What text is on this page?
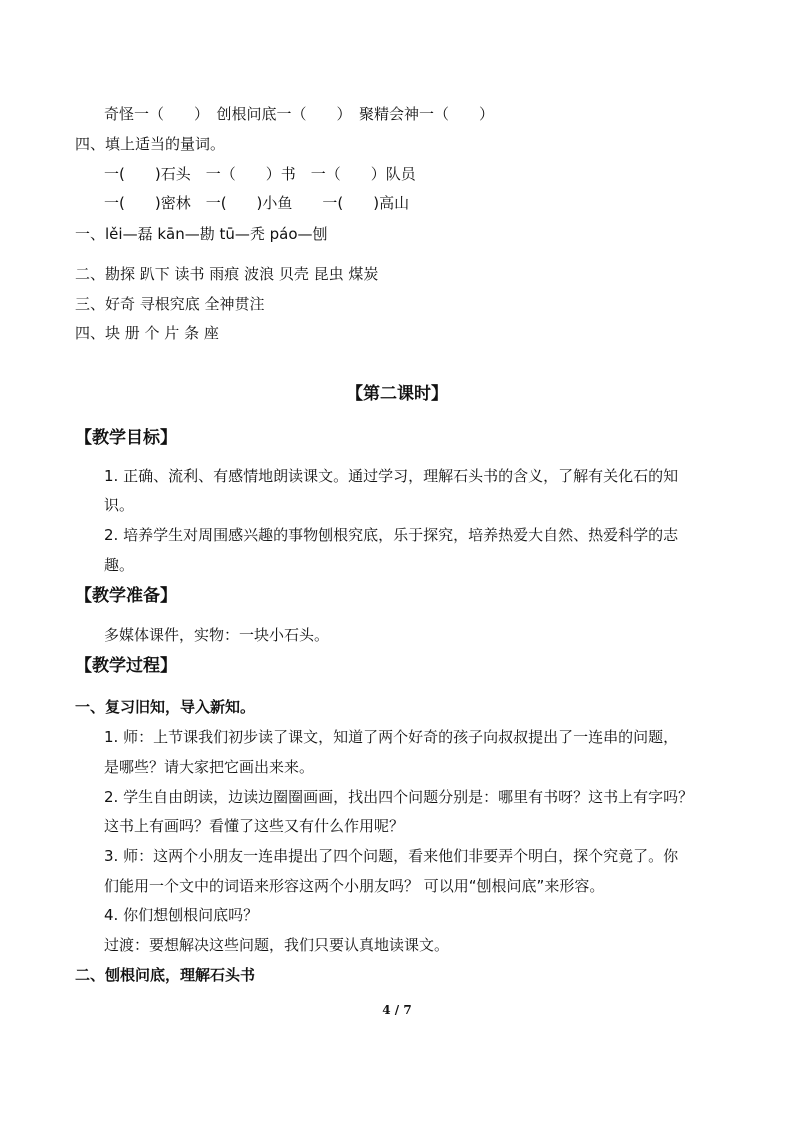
奇怪一（　　）　创根问底一（　　）　聚精会神一（　　）
四、填上适当的量词。
一(　　)石头　一（　　）书　一（　　）队员
一(　　)密林　一(　　)小鱼　　一(　　)高山
一、lěi—磊 kān—勘 tū—秃 páo—刨
二、勘探 趴下 读书 雨痕 波浪 贝壳 昆虫 煤炭
三、好奇 寻根究底 全神贯注
四、块 册 个 片 条 座
【第二课时】
【教学目标】
1. 正确、流利、有感情地朗读课文。通过学习，理解石头书的含义，了解有关化石的知
识。
2. 培养学生对周围感兴趣的事物刨根究底，乐于探究，培养热爱大自然、热爱科学的志
趣。
【教学准备】
多媒体课件，实物：一块小石头。
【教学过程】
一、复习旧知，导入新知。
1. 师：上节课我们初步读了课文，知道了两个好奇的孩子向叔叔提出了一连串的问题，
是哪些？请大家把它画出来来。
2. 学生自由朗读，边读边圈圈画画，找出四个问题分别是：哪里有书呀？这书上有字吗？
这书上有画吗？看懂了这些又有什么作用呢？
3. 师：这两个小朋友一连串提出了四个问题，看来他们非要弄个明白，探个究竟了。你
们能用一个文中的词语来形容这两个小朋友吗？ 可以用“刨根问底”来形容。
4. 你们想刨根问底吗？
过渡：要想解决这些问题，我们只要认真地读课文。
二、刨根问底，理解石头书
4 / 7
